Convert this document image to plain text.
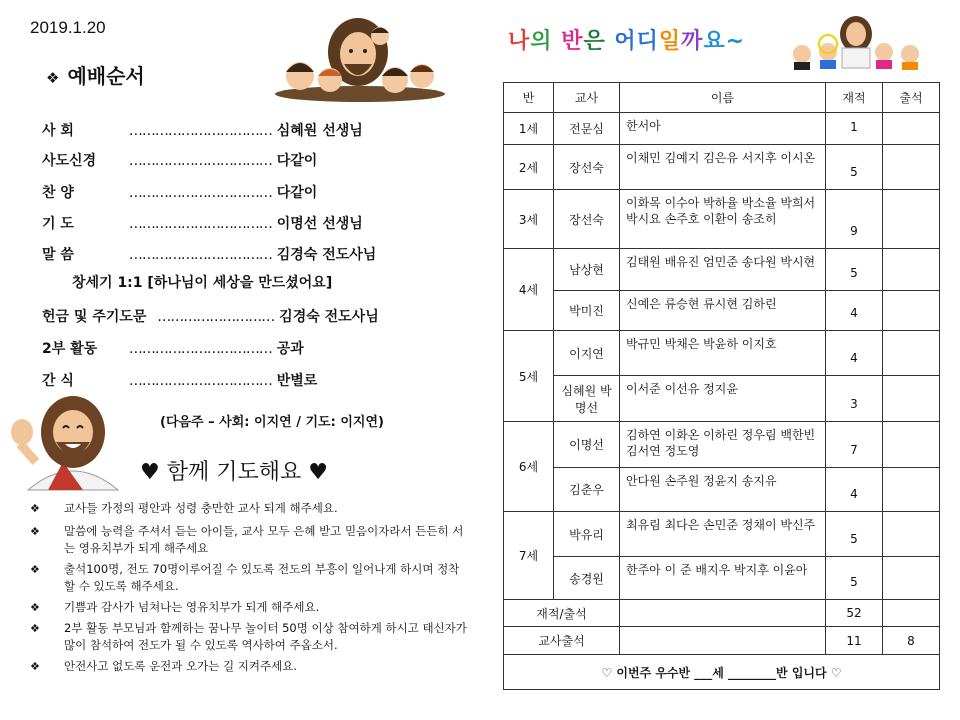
2019.1.20
❖ 예배순서
사 회	…………………………… 심혜원 선생님
사도신경 …………………………… 다같이
찬 양	…………………………… 다같이
기 도	…………………………… 이명선 선생님
말 씀	…………………………… 김경숙 전도사님
창세기 1:1 [하나님이 세상을 만드셨어요]
헌금 및 주기도문 ……………………… 김경숙 전도사님
2부 활동 …………………………… 공과
간 식	…………………………… 반별로
(다음주 – 사회: 이지연 / 기도: 이지연)
♥ 함께 기도해요 ♥
❖ 교사들 가정의 평안과 성령 충만한 교사 되게 해주세요.
❖ 말씀에 능력을 주셔서 듣는 아이들, 교사 모두 은혜 받고 믿음이자라서 든든히 서는 영유치부가 되게 해주세요
❖ 출석100명, 전도 70명이루어질 수 있도록 전도의 부흥이 일어나게 하시며 정착할 수 있도록 해주세요.
❖ 기쁨과 감사가 넘쳐나는 영유치부가 되게 해주세요.
❖ 2부 활동 부모님과 함께하는 꿈나무 놀이터 50명 이상 참여하게 하시고 태신자가 많이 참석하여 전도가 될 수 있도록 역사하여 주옵소서.
❖ 안전사고 없도록 운전과 오가는 길 지켜주세요.
나의 반은 어디일까요~
반	교사	이름	재적	출석
1세	전문심	한서아	1	
2세	장선숙	이채민 김예지 김은유 서지후 이시온	5	
3세	장선숙	이화목 이수아 박하율 박소율 박희서 박시요 손주호 이환이 송조히	9	
4세	남상현	김태원 배유진 엄민준 송다원 박시현	5	
	박미진	신예은 류승현 류시현 김하린	4	
5세	이지연	박규민 박채은 박윤하 이지호	4	
	심혜원 박명선	이서준 이선유 정지윤	3	
6세	이명선	김하연 이화온 이하린 정우림 백한빈 김서연 정도영	7	
	김춘우	안다원 손주원 정윤지 송지유	4	
7세	박유리	최유림 최다은 손민준 정채이 박신주	5	
	송경원	한주아 이 준 배지우 박지후 이윤아	5	
재적/출석			52	
교사출석			11	8
♡ 이번주 우수반 ___세 ________반 입니다 ♡				
